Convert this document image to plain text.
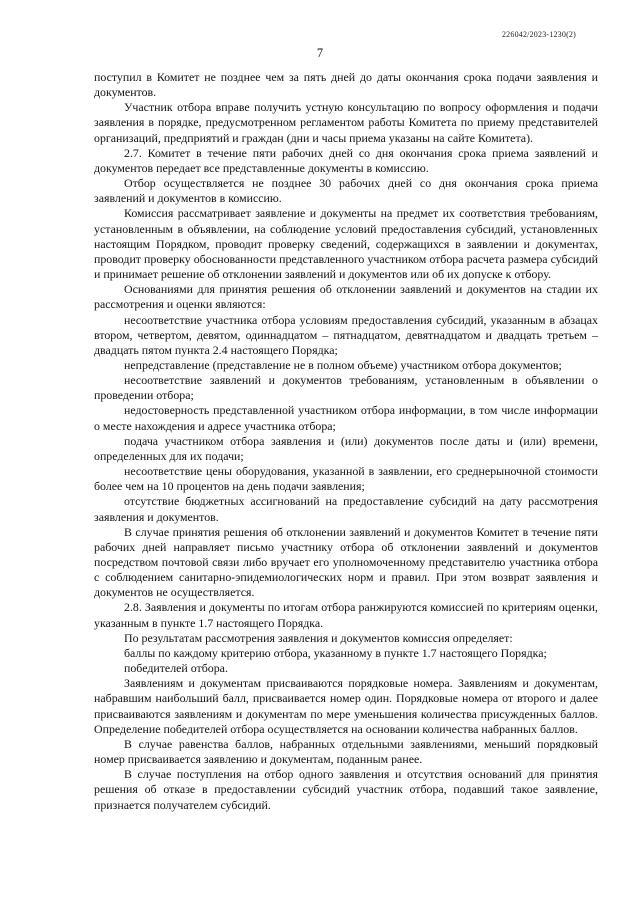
226042/2023-1230(2)
7

поступил в Комитет не позднее чем за пять дней до даты окончания срока подачи заявления и документов.

Участник отбора вправе получить устную консультацию по вопросу оформления и подачи заявления в порядке, предусмотренном регламентом работы Комитета по приему представителей организаций, предприятий и граждан (дни и часы приема указаны на сайте Комитета).

2.7. Комитет в течение пяти рабочих дней со дня окончания срока приема заявлений и документов передает все представленные документы в комиссию.

Отбор осуществляется не позднее 30 рабочих дней со дня окончания срока приема заявлений и документов в комиссию.

Комиссия рассматривает заявление и документы на предмет их соответствия требованиям, установленным в объявлении, на соблюдение условий предоставления субсидий, установленных настоящим Порядком, проводит проверку сведений, содержащихся в заявлении и документах, проводит проверку обоснованности представленного участником отбора расчета размера субсидий и принимает решение об отклонении заявлений и документов или об их допуске к отбору.

Основаниями для принятия решения об отклонении заявлений и документов на стадии их рассмотрения и оценки являются:

несоответствие участника отбора условиям предоставления субсидий, указанным в абзацах втором, четвертом, девятом, одиннадцатом – пятнадцатом, девятнадцатом и двадцать третьем – двадцать пятом пункта 2.4 настоящего Порядка;

непредставление (представление не в полном объеме) участником отбора документов;

несоответствие заявлений и документов требованиям, установленным в объявлении о проведении отбора;

недостоверность представленной участником отбора информации, в том числе информации о месте нахождения и адресе участника отбора;

подача участником отбора заявления и (или) документов после даты и (или) времени, определенных для их подачи;

несоответствие цены оборудования, указанной в заявлении, его среднерыночной стоимости более чем на 10 процентов на день подачи заявления;

отсутствие бюджетных ассигнований на предоставление субсидий на дату рассмотрения заявления и документов.

В случае принятия решения об отклонении заявлений и документов Комитет в течение пяти рабочих дней направляет письмо участнику отбора об отклонении заявлений и документов посредством почтовой связи либо вручает его уполномоченному представителю участника отбора с соблюдением санитарно-эпидемиологических норм и правил. При этом возврат заявления и документов не осуществляется.

2.8. Заявления и документы по итогам отбора ранжируются комиссией по критериям оценки, указанным в пункте 1.7 настоящего Порядка.

По результатам рассмотрения заявления и документов комиссия определяет:

баллы по каждому критерию отбора, указанному в пункте 1.7 настоящего Порядка;

победителей отбора.

Заявлениям и документам присваиваются порядковые номера. Заявлениям и документам, набравшим наибольший балл, присваивается номер один. Порядковые номера от второго и далее присваиваются заявлениям и документам по мере уменьшения количества присужденных баллов. Определение победителей отбора осуществляется на основании количества набранных баллов.

В случае равенства баллов, набранных отдельными заявлениями, меньший порядковый номер присваивается заявлению и документам, поданным ранее.

В случае поступления на отбор одного заявления и отсутствия оснований для принятия решения об отказе в предоставлении субсидий участник отбора, подавший такое заявление, признается получателем субсидий.
